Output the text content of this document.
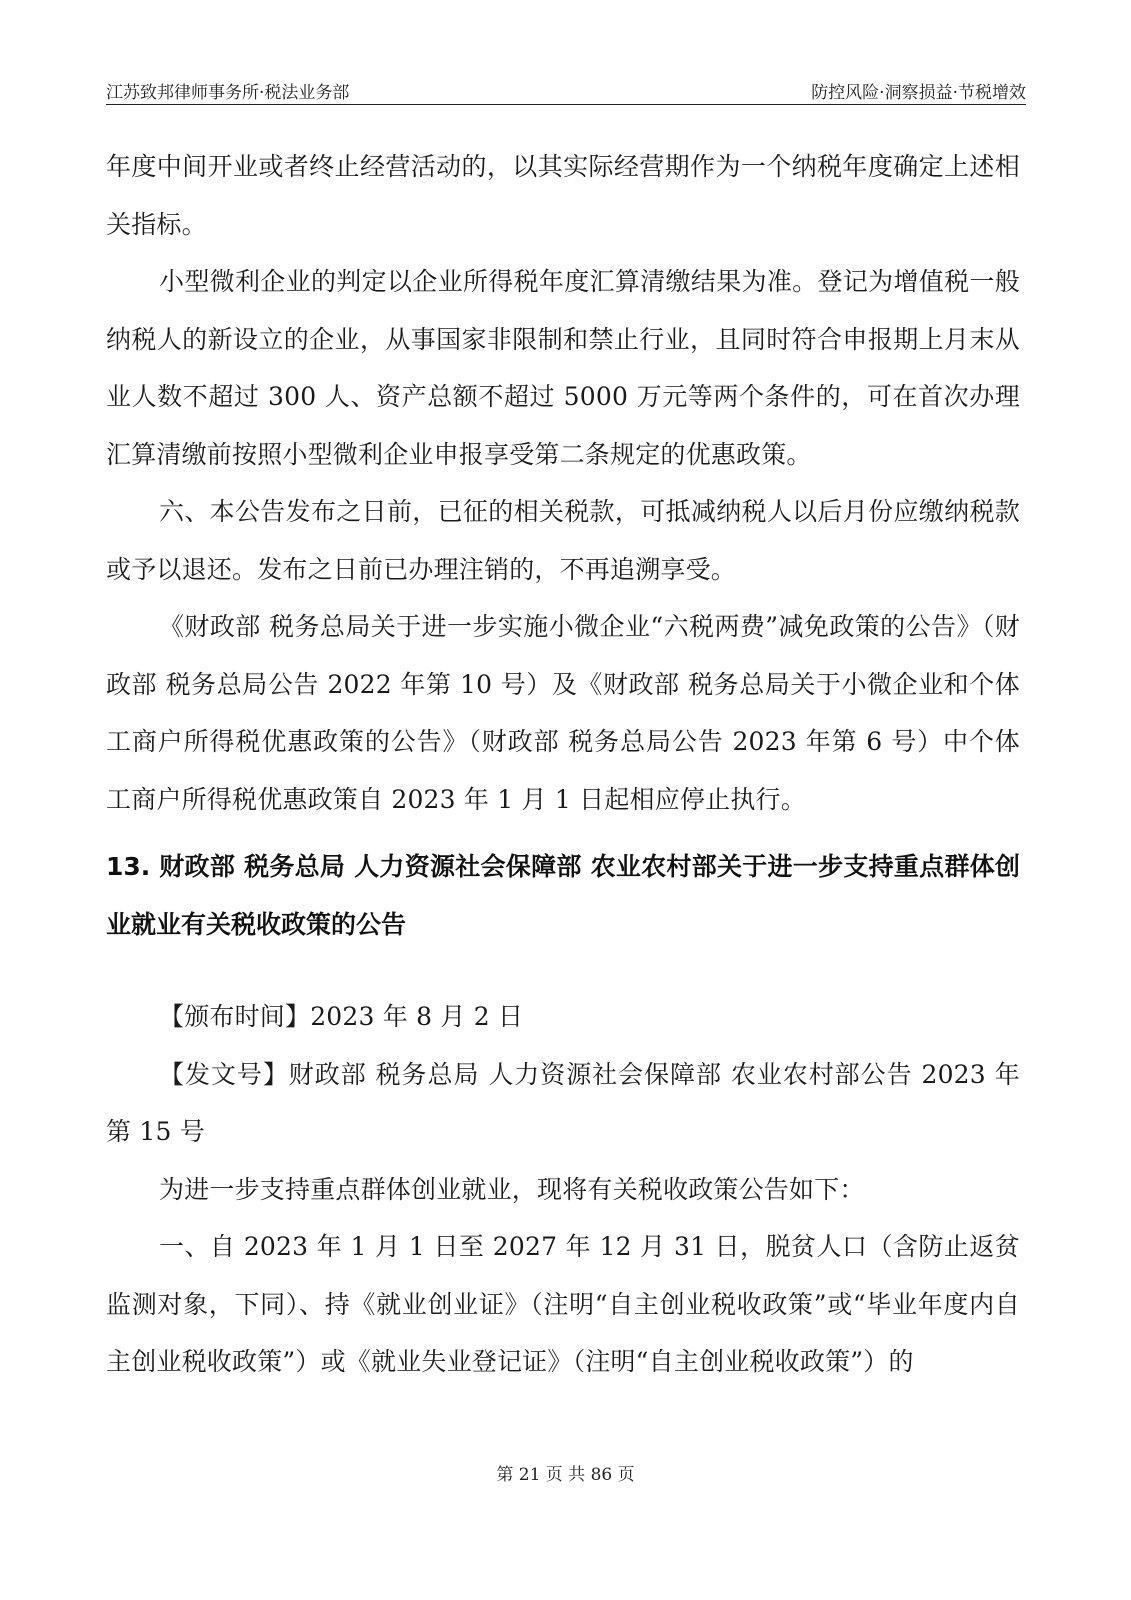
江苏致邦律师事务所·税法业务部	防控风险·洞察损益·节税增效

年度中间开业或者终止经营活动的，以其实际经营期作为一个纳税年度确定上述相关指标。

小型微利企业的判定以企业所得税年度汇算清缴结果为准。登记为增值税一般纳税人的新设立的企业，从事国家非限制和禁止行业，且同时符合申报期上月末从业人数不超过 300 人、资产总额不超过 5000 万元等两个条件的，可在首次办理汇算清缴前按照小型微利企业申报享受第二条规定的优惠政策。

六、本公告发布之日前，已征的相关税款，可抵减纳税人以后月份应缴纳税款或予以退还。发布之日前已办理注销的，不再追溯享受。

《财政部 税务总局关于进一步实施小微企业“六税两费”减免政策的公告》（财政部 税务总局公告 2022 年第 10 号）及《财政部 税务总局关于小微企业和个体工商户所得税优惠政策的公告》（财政部 税务总局公告 2023 年第 6 号）中个体工商户所得税优惠政策自 2023 年 1 月 1 日起相应停止执行。

13. 财政部 税务总局 人力资源社会保障部 农业农村部关于进一步支持重点群体创业就业有关税收政策的公告

【颁布时间】2023 年 8 月 2 日

【发文号】财政部 税务总局 人力资源社会保障部 农业农村部公告 2023 年第 15 号

为进一步支持重点群体创业就业，现将有关税收政策公告如下：

一、自 2023 年 1 月 1 日至 2027 年 12 月 31 日，脱贫人口（含防止返贫监测对象，下同）、持《就业创业证》（注明“自主创业税收政策”或“毕业年度内自主创业税收政策”）或《就业失业登记证》（注明“自主创业税收政策”）的

第 21 页 共 86 页
